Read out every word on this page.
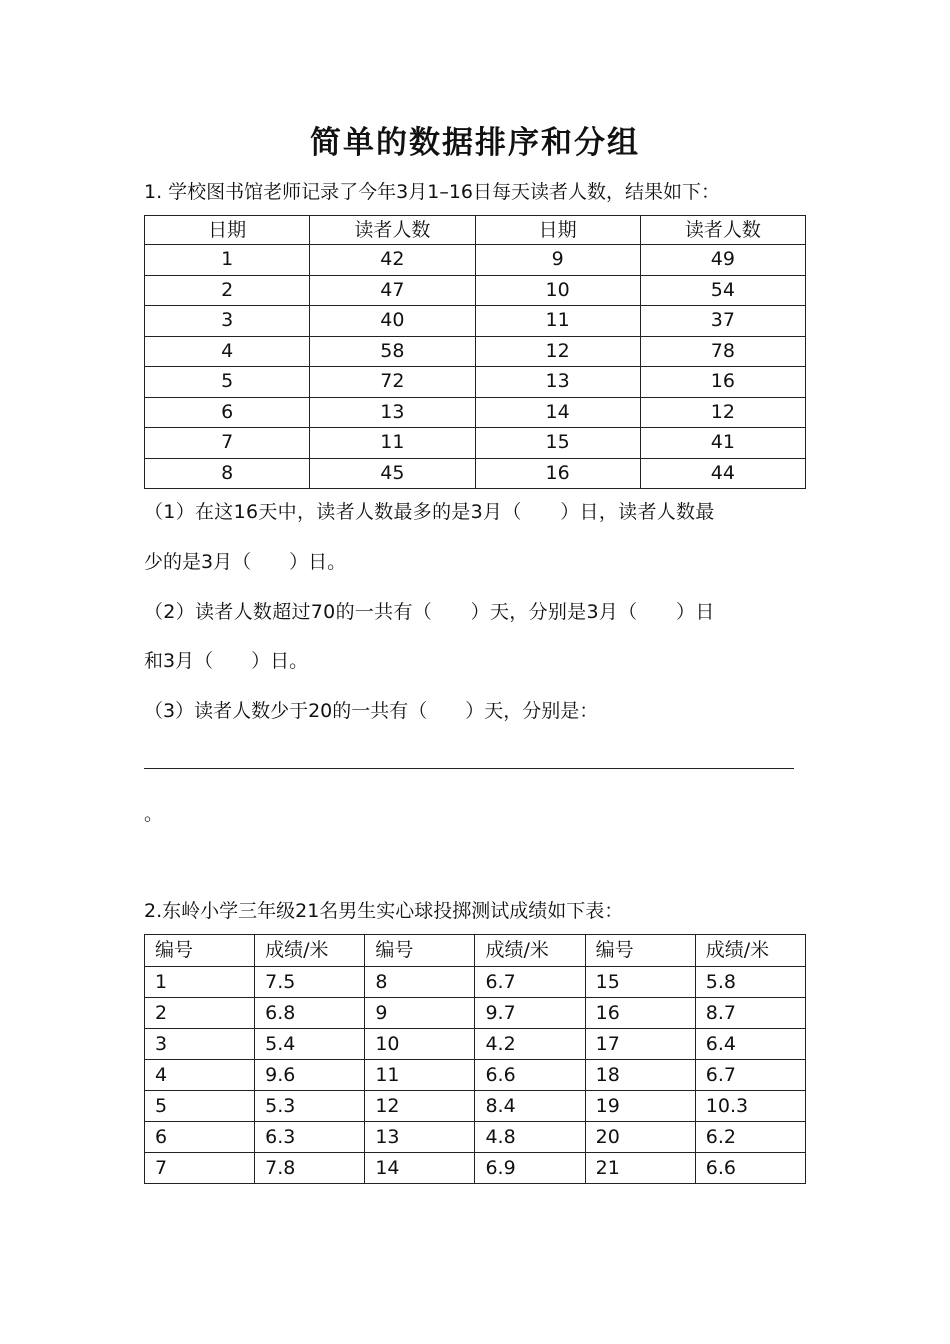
简单的数据排序和分组
1. 学校图书馆老师记录了今年3月1–16日每天读者人数，结果如下：
日期	读者人数	日期	读者人数
1	42	9	49
2	47	10	54
3	40	11	37
4	58	12	78
5	72	13	16
6	13	14	12
7	11	15	41
8	45	16	44
（1）在这16天中，读者人数最多的是3月（　　）日，读者人数最
少的是3月（　　）日。
（2）读者人数超过70的一共有（　　）天，分别是3月（　　）日
和3月（　　）日。
（3）读者人数少于20的一共有（　　）天，分别是：
。
2.东岭小学三年级21名男生实心球投掷测试成绩如下表：
编号	成绩/米	编号	成绩/米	编号	成绩/米
1	7.5	8	6.7	15	5.8
2	6.8	9	9.7	16	8.7
3	5.4	10	4.2	17	6.4
4	9.6	11	6.6	18	6.7
5	5.3	12	8.4	19	10.3
6	6.3	13	4.8	20	6.2
7	7.8	14	6.9	21	6.6
